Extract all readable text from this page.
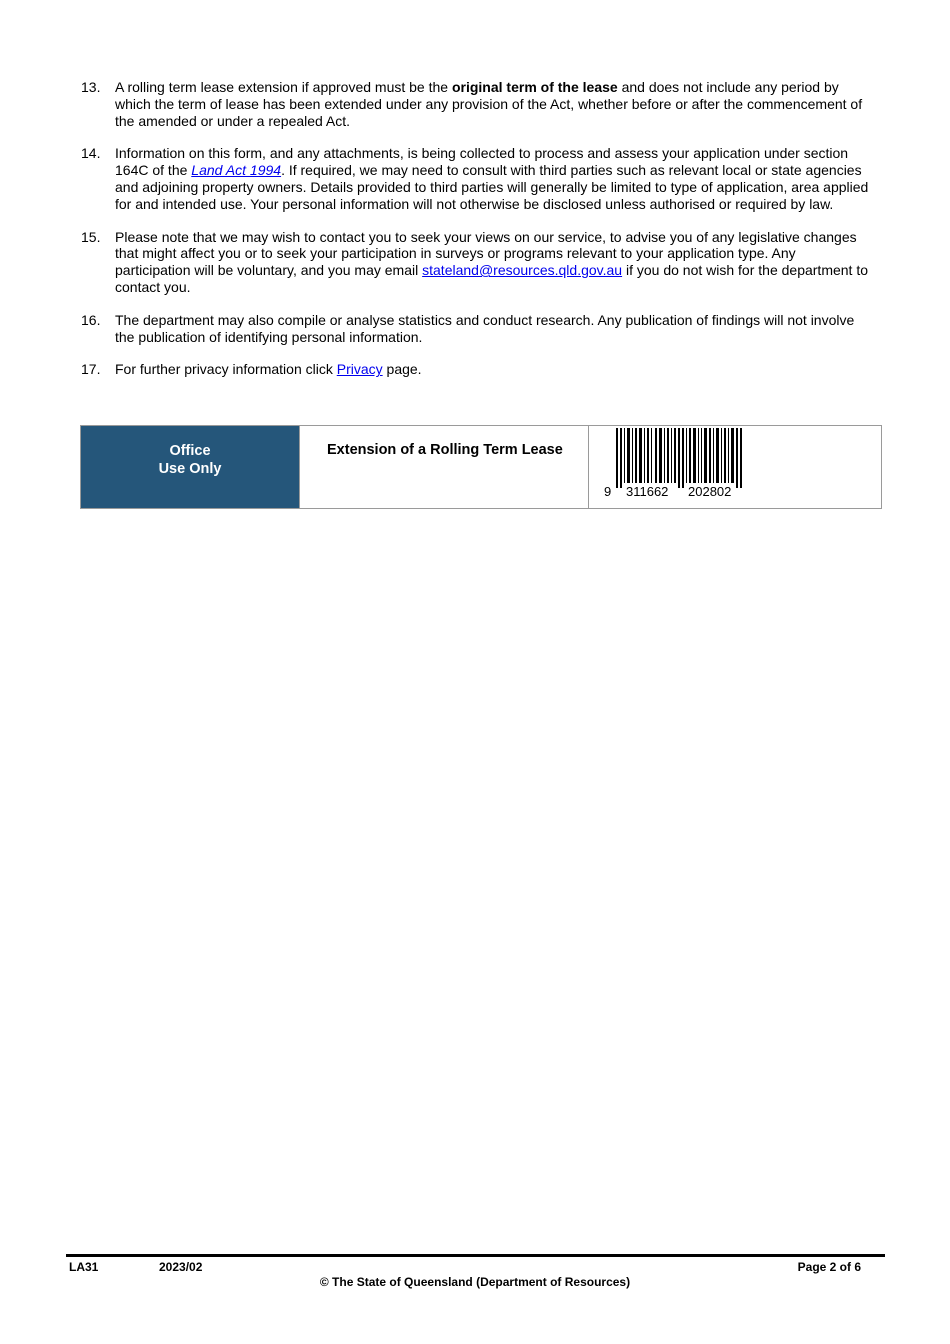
13.	A rolling term lease extension if approved must be the original term of the lease and does not include any period by which the term of lease has been extended under any provision of the Act, whether before or after the commencement of the amended or under a repealed Act.
14.	Information on this form, and any attachments, is being collected to process and assess your application under section 164C of the Land Act 1994. If required, we may need to consult with third parties such as relevant local or state agencies and adjoining property owners. Details provided to third parties will generally be limited to type of application, area applied for and intended use. Your personal information will not otherwise be disclosed unless authorised or required by law.
15.	Please note that we may wish to contact you to seek your views on our service, to advise you of any legislative changes that might affect you or to seek your participation in surveys or programs relevant to your application type. Any participation will be voluntary, and you may email stateland@resources.qld.gov.au if you do not wish for the department to contact you.
16.	The department may also compile or analyse statistics and conduct research. Any publication of findings will not involve the publication of identifying personal information.
17.	For further privacy information click Privacy page.
Office
Use Only
Extension of a Rolling Term Lease
9 311662 202802
LA31	2023/02	Page 2 of 6
© The State of Queensland (Department of Resources)
